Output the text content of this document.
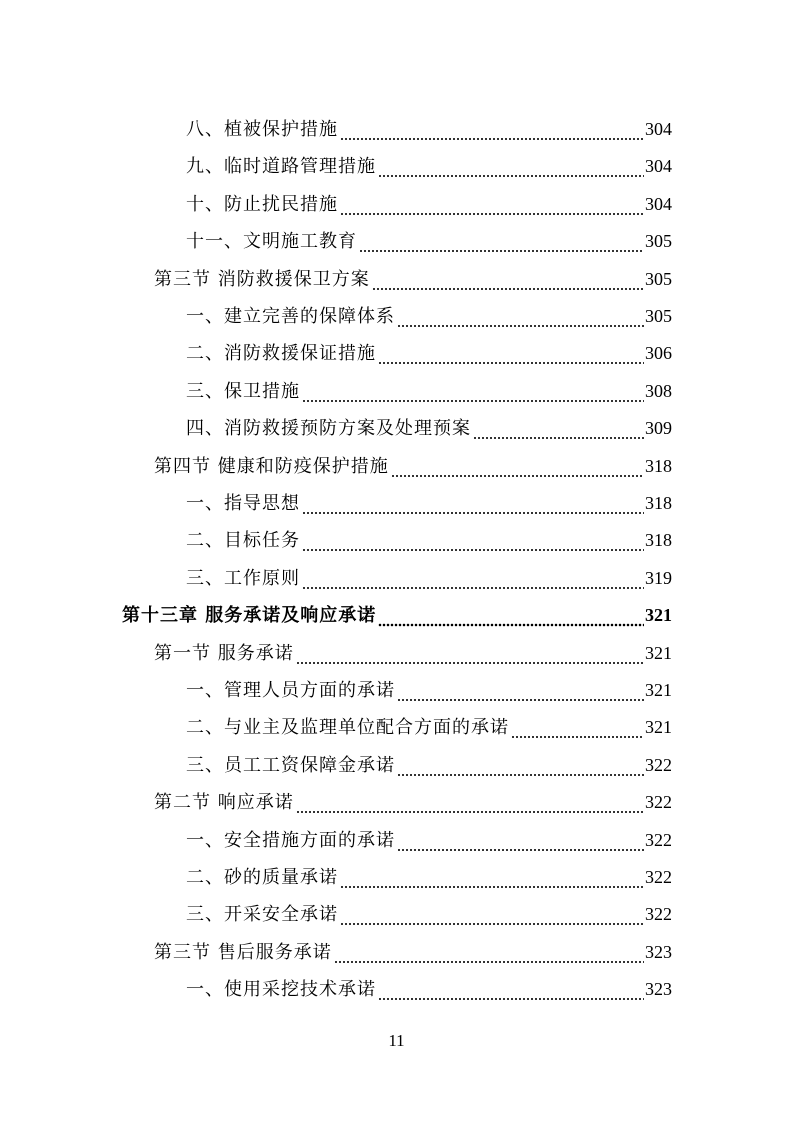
八、植被保护措施	304
九、临时道路管理措施	304
十、防止扰民措施	304
十一、文明施工教育	305
第三节 消防救援保卫方案	305
一、建立完善的保障体系	305
二、消防救援保证措施	306
三、保卫措施	308
四、消防救援预防方案及处理预案	309
第四节 健康和防疫保护措施	318
一、指导思想	318
二、目标任务	318
三、工作原则	319
第十三章 服务承诺及响应承诺	321
第一节 服务承诺	321
一、管理人员方面的承诺	321
二、与业主及监理单位配合方面的承诺	321
三、员工工资保障金承诺	322
第二节 响应承诺	322
一、安全措施方面的承诺	322
二、砂的质量承诺	322
三、开采安全承诺	322
第三节 售后服务承诺	323
一、使用采挖技术承诺	323
11
